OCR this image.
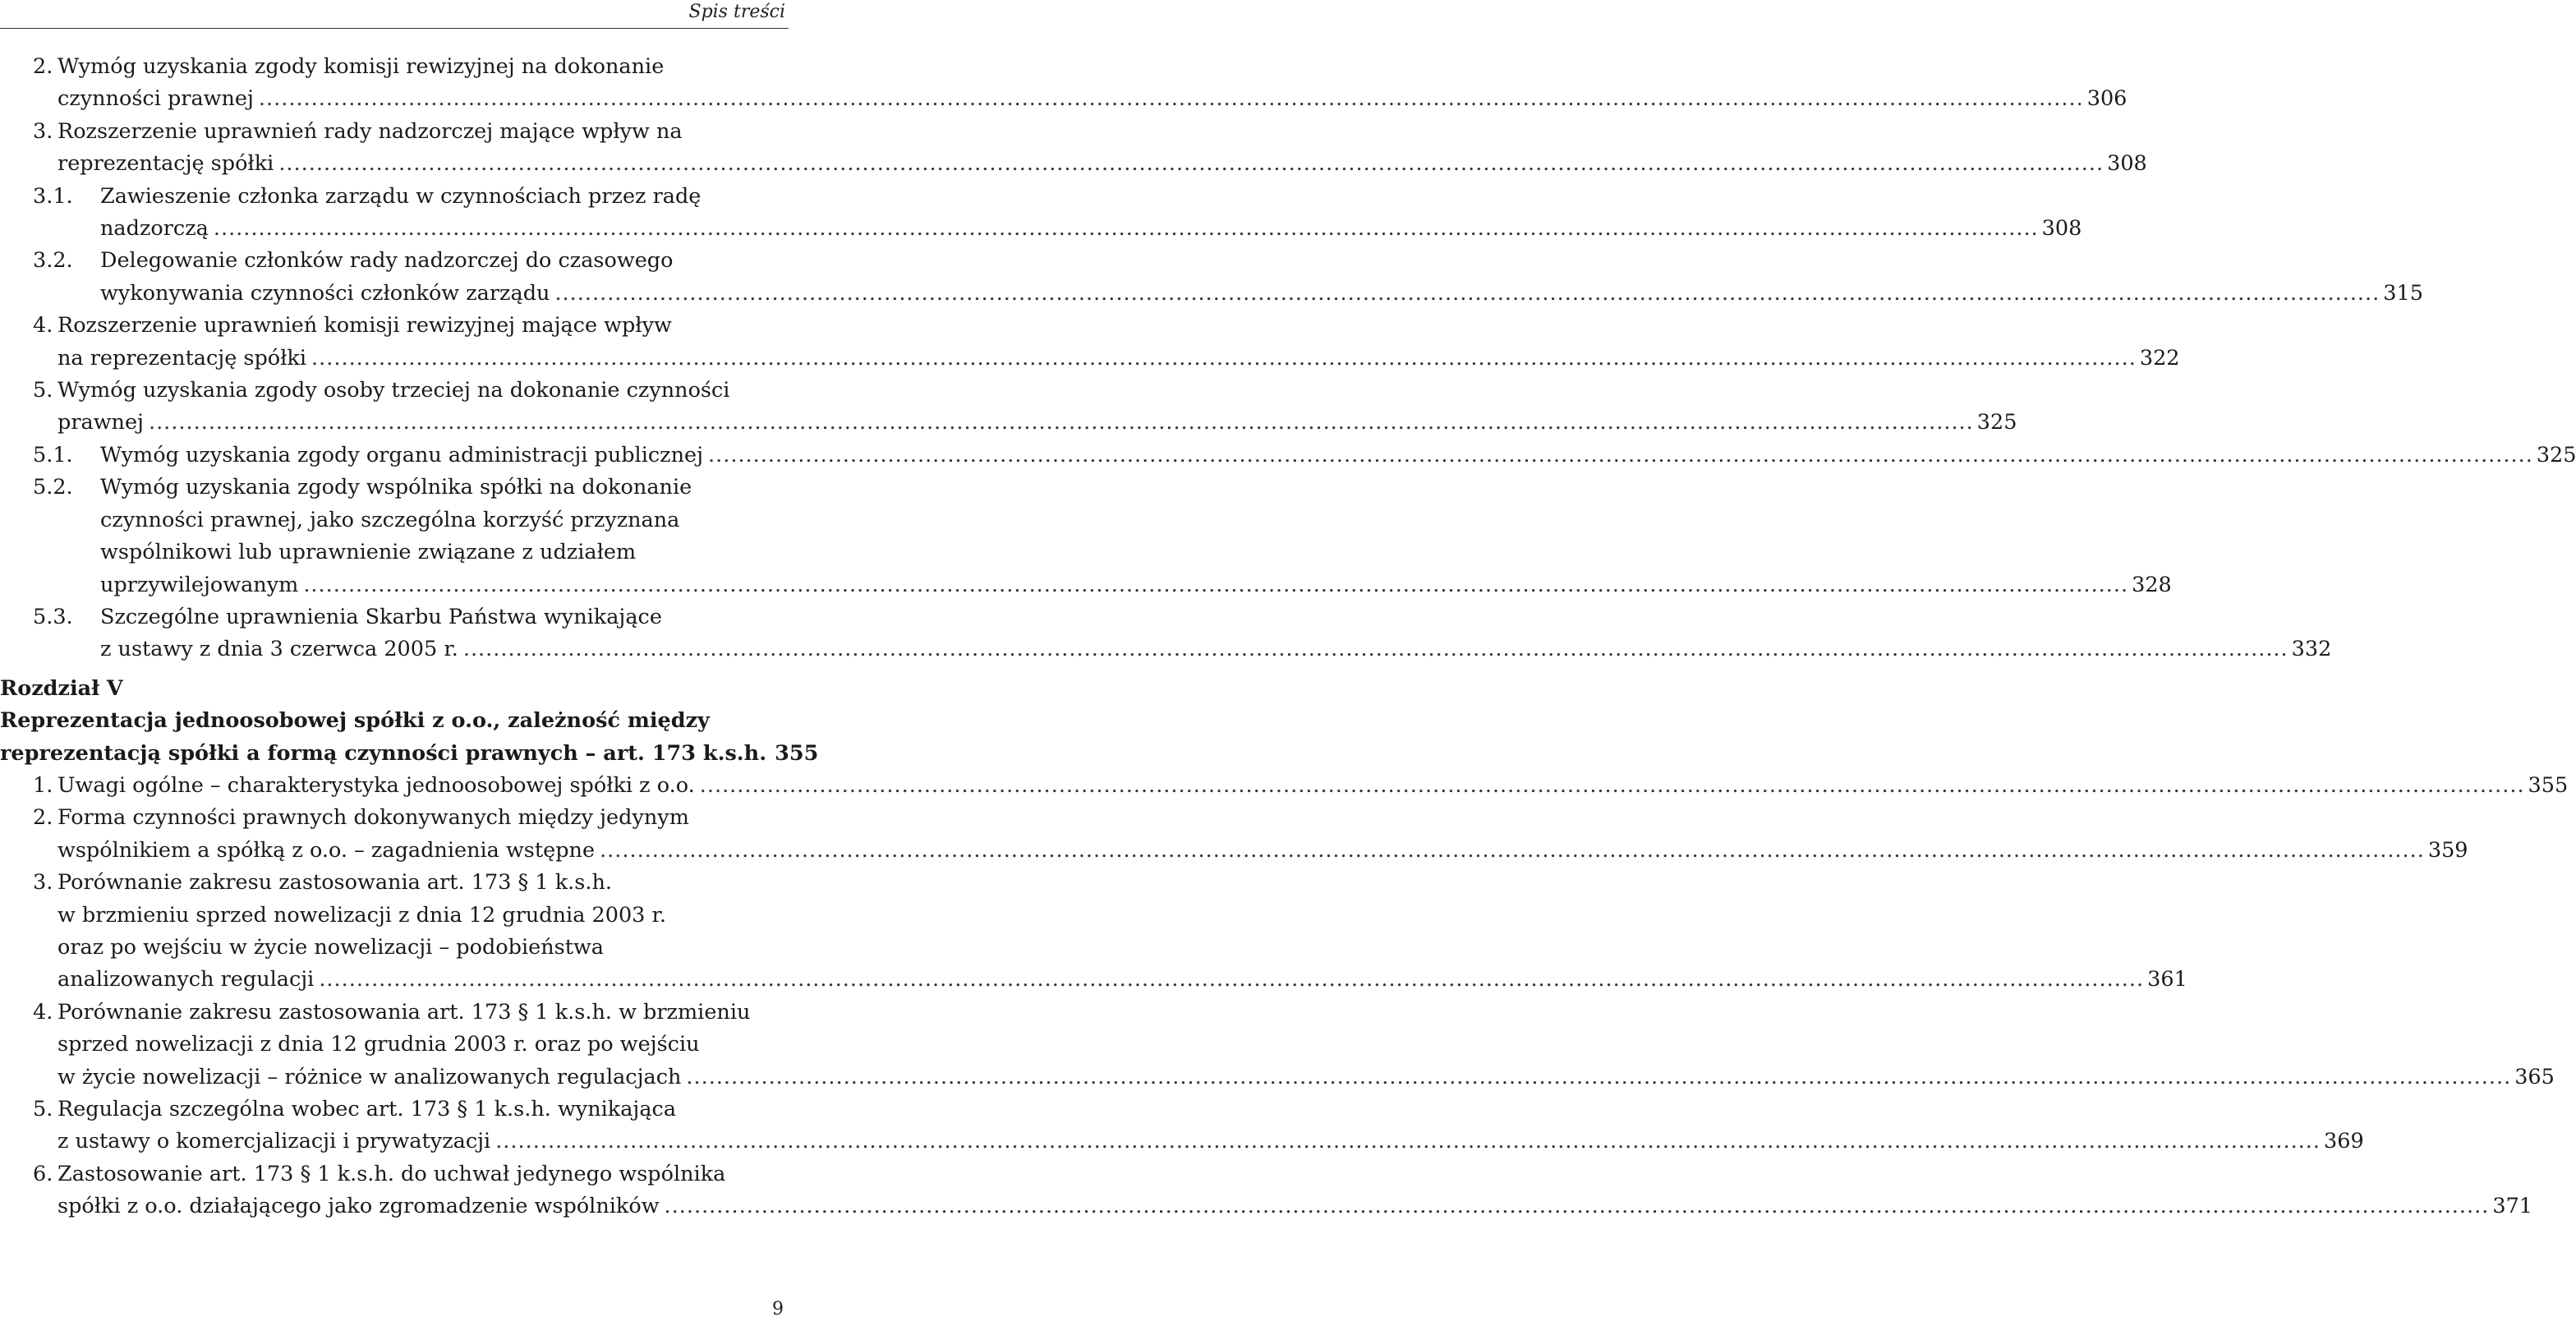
Spis treści
2. Wymóg uzyskania zgody komisji rewizyjnej na dokonanie
czynności prawnej .....	306
3. Rozszerzenie uprawnień rady nadzorczej mające wpływ na
reprezentację spółki .....	308
3.1.	Zawieszenie członka zarządu w czynnościach przez radę
nadzorczą .....	308
3.2.	Delegowanie członków rady nadzorczej do czasowego
wykonywania czynności członków zarządu .....	315
4. Rozszerzenie uprawnień komisji rewizyjnej mające wpływ
na reprezentację spółki .....	322
5. Wymóg uzyskania zgody osoby trzeciej na dokonanie czynności
prawnej .....	325
5.1.	Wymóg uzyskania zgody organu administracji publicznej .....	325
5.2.	Wymóg uzyskania zgody wspólnika spółki na dokonanie
czynności prawnej, jako szczególna korzyść przyznana
wspólnikowi lub uprawnienie związane z udziałem
uprzywilejowanym .....	328
5.3.	Szczególne uprawnienia Skarbu Państwa wynikające
z ustawy z dnia 3 czerwca 2005 r. .....	332
Rozdział V
Reprezentacja jednoosobowej spółki z o.o., zależność między
reprezentacją spółki a formą czynności prawnych – art. 173 k.s.h. 355
1. Uwagi ogólne – charakterystyka jednoosobowej spółki z o.o. .....	355
2. Forma czynności prawnych dokonywanych między jedynym
wspólnikiem a spółką z o.o. – zagadnienia wstępne .....	359
3. Porównanie zakresu zastosowania art. 173 § 1 k.s.h.
w brzmieniu sprzed nowelizacji z dnia 12 grudnia 2003 r.
oraz po wejściu w życie nowelizacji – podobieństwa
analizowanych regulacji .....	361
4. Porównanie zakresu zastosowania art. 173 § 1 k.s.h. w brzmieniu
sprzed nowelizacji z dnia 12 grudnia 2003 r. oraz po wejściu
w życie nowelizacji – różnice w analizowanych regulacjach .....	365
5. Regulacja szczególna wobec art. 173 § 1 k.s.h. wynikająca
z ustawy o komercjalizacji i prywatyzacji .....	369
6. Zastosowanie art. 173 § 1 k.s.h. do uchwał jedynego wspólnika
spółki z o.o. działającego jako zgromadzenie wspólników .....	371
9
